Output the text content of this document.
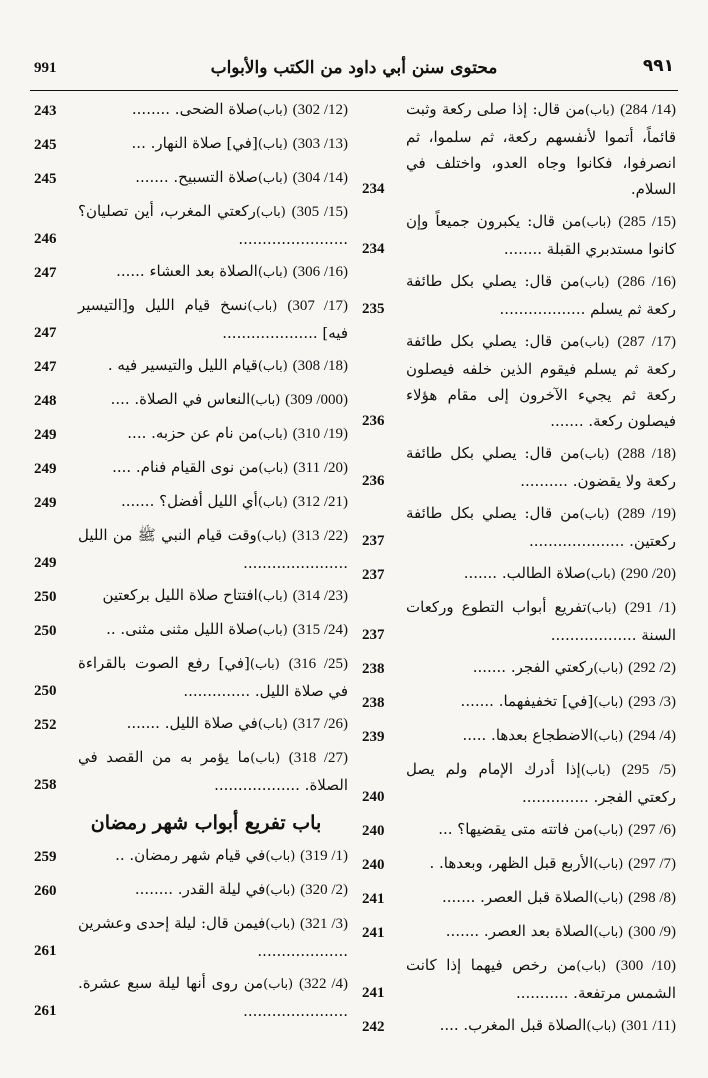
٩٩١
محتوى سنن أبي داود من الكتب والأبواب
991
(14/ 284) (باب)من قال: إذا صلى ركعة وثبت قائماً، أتموا لأنفسهم ركعة، ثم سلموا، ثم انصرفوا، فكانوا وجاه العدو، واختلف في السلام.
234
(15/ 285) (باب)من قال: يكبرون جميعاً وإن كانوا مستدبري القبلة ........
234
(16/ 286) (باب)من قال: يصلي بكل طائفة ركعة ثم يسلم ..................
235
(17/ 287) (باب)من قال: يصلي بكل طائفة ركعة ثم يسلم فيقوم الذين خلفه فيصلون ركعة ثم يجيء الآخرون إلى مقام هؤلاء فيصلون ركعة. .......
236
(18/ 288) (باب)من قال: يصلي بكل طائفة ركعة ولا يقضون. ..........
236
(19/ 289) (باب)من قال: يصلي بكل طائفة ركعتين. ....................
237
(20/ 290) (باب)صلاة الطالب. .......
237
(1/ 291) (باب)تفريع أبواب التطوع وركعات السنة ..................
237
(2/ 292) (باب)ركعتي الفجر. .......
238
(3/ 293) (باب)[في] تخفيفهما. .......
238
(4/ 294) (باب)الاضطجاع بعدها. .....
239
(5/ 295) (باب)إذا أدرك الإمام ولم يصل ركعتي الفجر. ..............
240
(6/ 297) (باب)من فاتته متى يقضيها؟ ...
240
(7/ 297) (باب)الأربع قبل الظهر، وبعدها. .
240
(8/ 298) (باب)الصلاة قبل العصر. .......
241
(9/ 300) (باب)الصلاة بعد العصر. .......
241
(10/ 300) (باب)من رخص فيهما إذا كانت الشمس مرتفعة. ...........
241
(11/ 301) (باب)الصلاة قبل المغرب. ....
242
(12/ 302) (باب)صلاة الضحى. ........
243
(13/ 303) (باب)[في] صلاة النهار. ...
245
(14/ 304) (باب)صلاة التسبيح. .......
245
(15/ 305) (باب)ركعتي المغرب، أين تصليان؟ .......................
246
(16/ 306) (باب)الصلاة بعد العشاء ......
247
(17/ 307) (باب)نسخ قيام الليل و[التيسير فيه] ....................
247
(18/ 308) (باب)قيام الليل والتيسير فيه .
247
(000/ 309) (باب)النعاس في الصلاة. ....
248
(19/ 310) (باب)من نام عن حزبه. ....
249
(20/ 311) (باب)من نوى القيام فنام. ....
249
(21/ 312) (باب)أي الليل أفضل؟ .......
249
(22/ 313) (باب)وقت قيام النبي ﷺ من الليل ......................
249
(23/ 314) (باب)افتتاح صلاة الليل بركعتين
250
(24/ 315) (باب)صلاة الليل مثنى مثنى. ..
250
(25/ 316) (باب)[في] رفع الصوت بالقراءة في صلاة الليل. ..............
250
(26/ 317) (باب)في صلاة الليل. .......
252
(27/ 318) (باب)ما يؤمر به من القصد في الصلاة. ..................
258
باب تفريع أبواب شهر رمضان
(1/ 319) (باب)في قيام شهر رمضان. ..
259
(2/ 320) (باب)في ليلة القدر. ........
260
(3/ 321) (باب)فيمن قال: ليلة إحدى وعشرين ...................
261
(4/ 322) (باب)من روى أنها ليلة سبع عشرة. ......................
261
